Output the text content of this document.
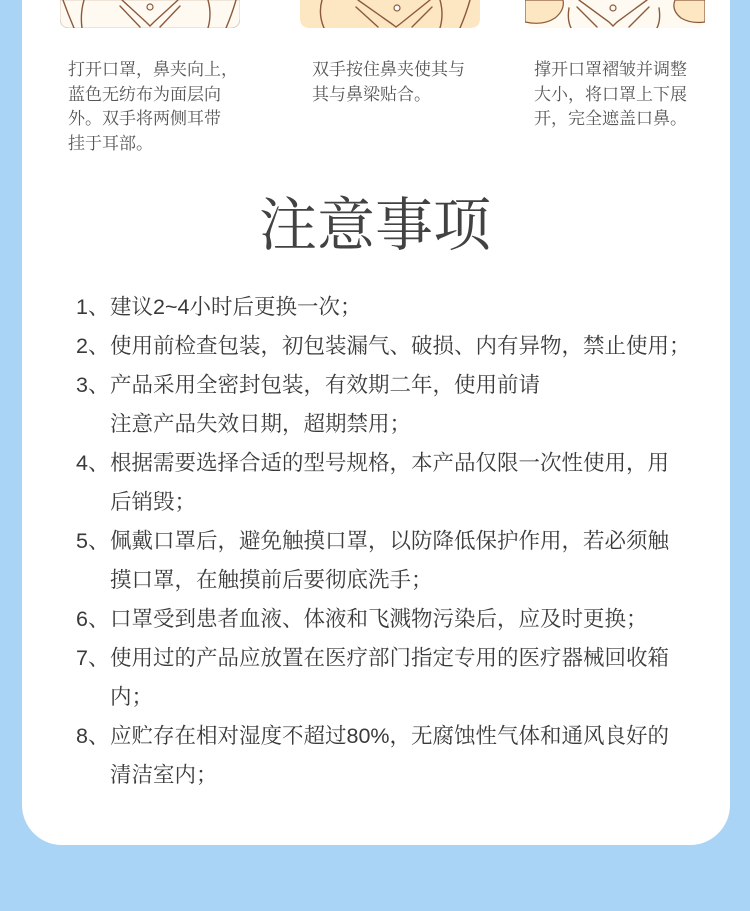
打开口罩，鼻夹向上，
蓝色无纺布为面层向
外。双手将两侧耳带
挂于耳部。
双手按住鼻夹使其与
其与鼻梁贴合。
撑开口罩褶皱并调整
大小，将口罩上下展
开，完全遮盖口鼻。
注意事项
1、 建议2~4小时后更换一次；
2、 使用前检查包装，初包装漏气、破损、内有异物，禁止使用；
3、 产品采用全密封包装，有效期二年，使用前请
注意产品失效日期，超期禁用；
4、 根据需要选择合适的型号规格，本产品仅限一次性使用，用
后销毁；
5、 佩戴口罩后，避免触摸口罩，以防降低保护作用，若必须触
摸口罩，在触摸前后要彻底洗手；
6、 口罩受到患者血液、体液和飞溅物污染后，应及时更换；
7、 使用过的产品应放置在医疗部门指定专用的医疗器械回收箱
内；
8、 应贮存在相对湿度不超过80%，无腐蚀性气体和通风良好的
清洁室内；
